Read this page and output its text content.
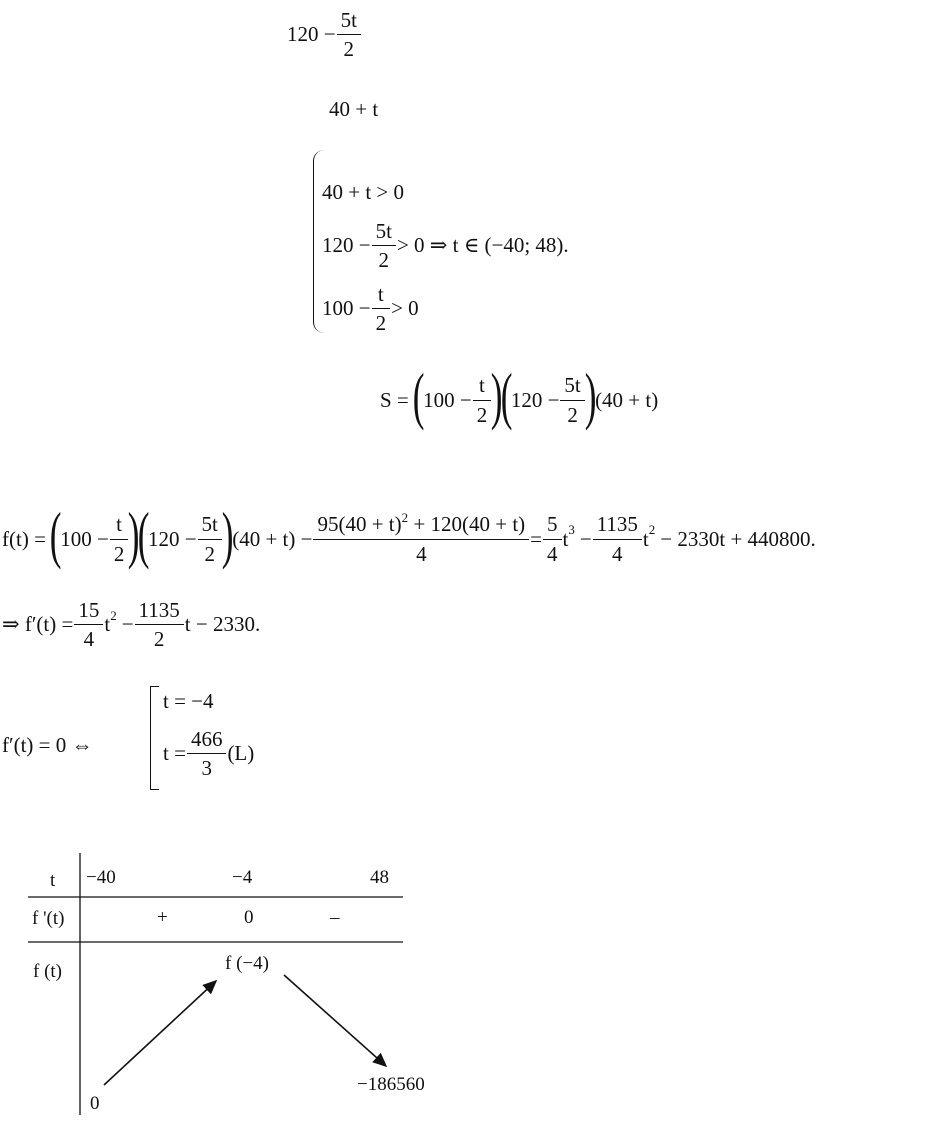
$120 - \frac{5t}{2}$
40 + t
40 + t > 0
$120 - \frac{5t}{2} > 0$ ⇒ t ∈ (−40; 48).
$100 - \frac{t}{2} > 0$
S = (
$100 - \frac{t}{2}$ )
(
$120 - \frac{5t}{2}$ )
(40 + t)
f(t) = (
$100 - \frac{t}{2}$ )
(
$120 - \frac{5t}{2}$ )
$(40 + t) - \frac{95(40 + t)^2 + 120(40 + t)}{4} = \frac{5}{4}$ t $3 - \frac{1135}{4}$ t 2 − 2330t + 440800.
⇒ $f'(t) = \frac{15}{4}$ t $2 - \frac{1135}{2}$ t − 2330.
f′(t) = 0 ⇔
t = −4
$t = \frac{466}{3} (L)$
t −40	−4	48
f '(t)	+	0	–
f (t)	f (−4)
0
−186560
